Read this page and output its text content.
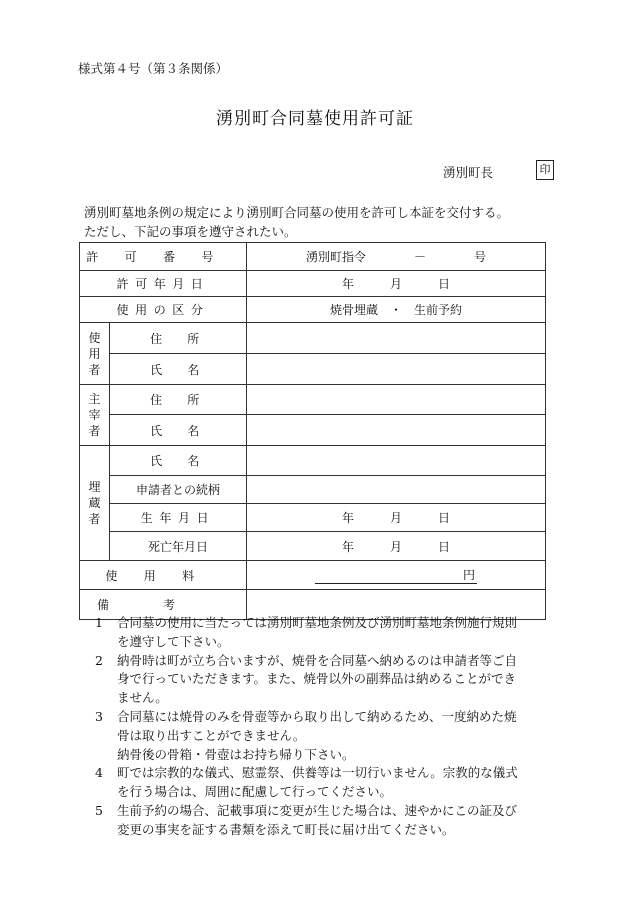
様式第４号（第３条関係）
湧別町合同墓使用許可証
湧別町長	印
湧別町墓地条例の規定により湧別町合同墓の使用を許可し本証を交付する。
ただし、下記の事項を遵守されたい。
許可番号		湧別町指令　　　　－　　　　号
許可年月日		年　　　月　　　日
使用の区分		焼骨埋蔵　・　生前予約

使
用
者	住　所	
	氏　名	

主
宰
者	住　所	
	氏　名	

埋
蔵
者	氏　名	
	申請者との続柄	
	生年月日	年　　　月　　　日
	死亡年月日	年　　　月　　　日
使用料		円
備考		
1	合同墓の使用に当たっては湧別町墓地条例及び湧別町墓地条例施行規則
を遵守して下さい。
2	納骨時は町が立ち合いますが、焼骨を合同墓へ納めるのは申請者等ご自
身で行っていただきます。また、焼骨以外の副葬品は納めることができ
ません。
3	合同墓には焼骨のみを骨壺等から取り出して納めるため、一度納めた焼
骨は取り出すことができません。
納骨後の骨箱・骨壺はお持ち帰り下さい。
4	町では宗教的な儀式、慰霊祭、供養等は一切行いません。宗教的な儀式
を行う場合は、周囲に配慮して行ってください。
5	生前予約の場合、記載事項に変更が生じた場合は、速やかにこの証及び
変更の事実を証する書類を添えて町長に届け出てください。
